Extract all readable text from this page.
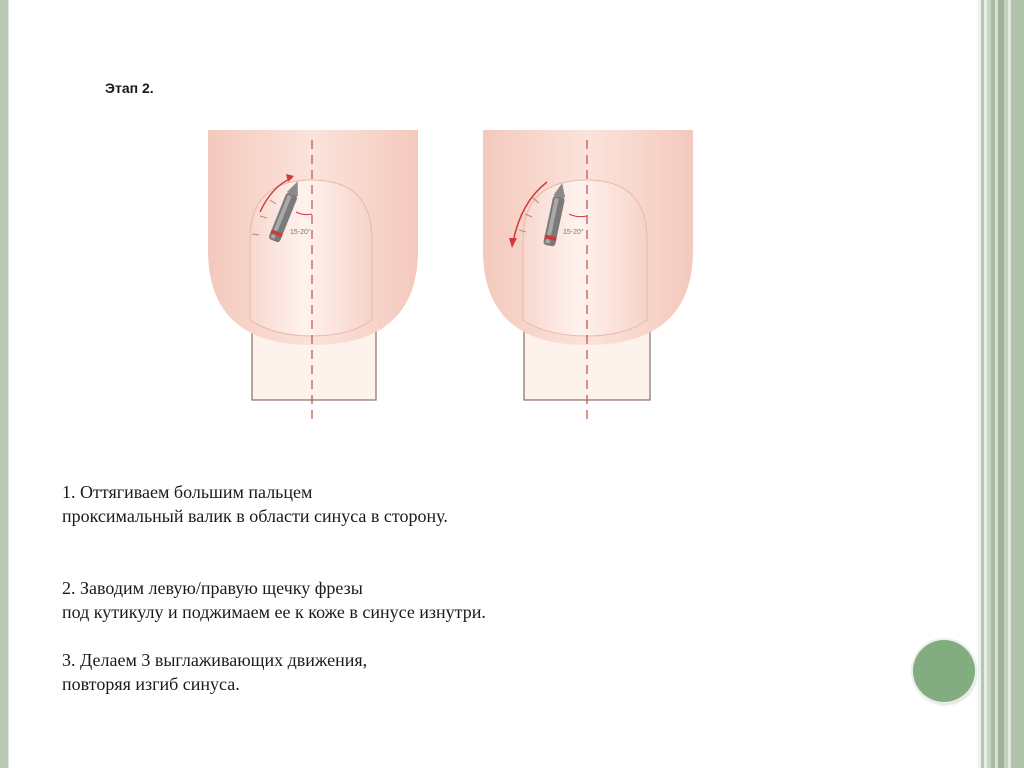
Этап 2.
15-20°	15-20°

1. Оттягиваем большим пальцем

проксимальный валик в области синуса в сторону.

2. Заводим левую/правую щечку фрезы

под кутикулу и поджимаем ее к коже в синусе изнутри.

3. Делаем 3 выглаживающих движения,

повторяя изгиб синуса.
